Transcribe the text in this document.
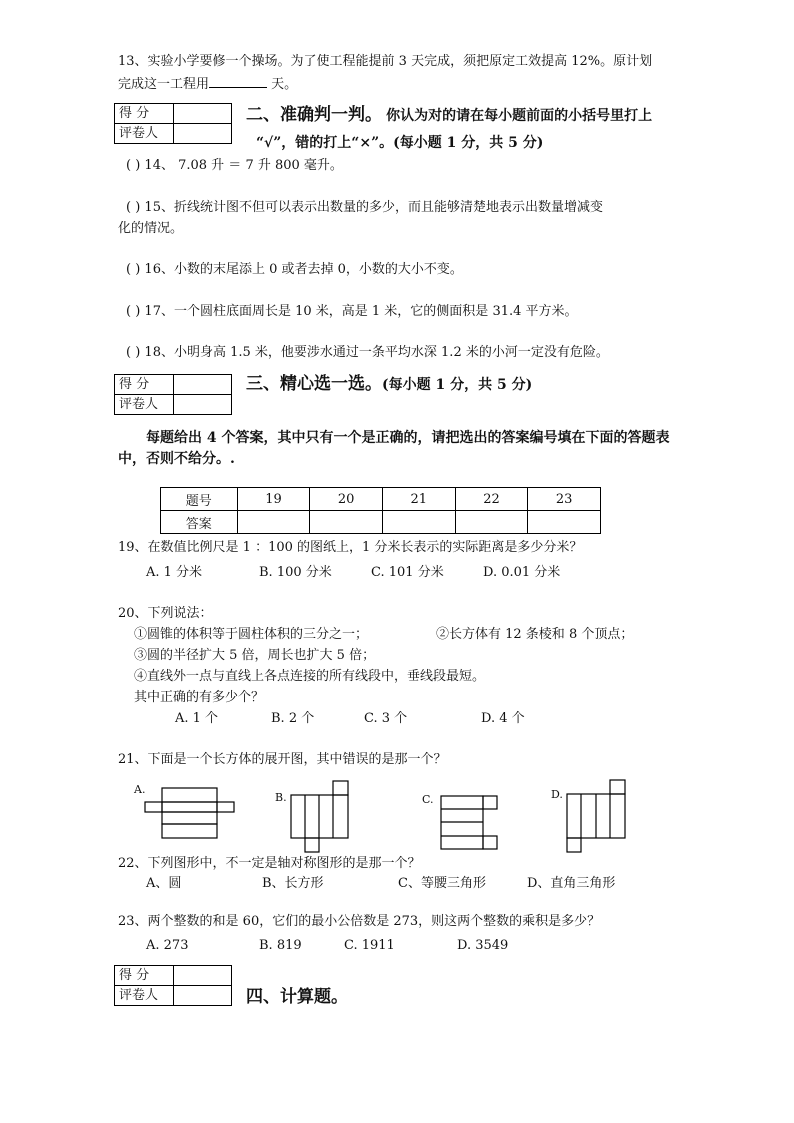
13、实验小学要修一个操场。为了使工程能提前 3 天完成，须把原定工效提高 12%。原计划
完成这一工程用	天。
得 分	
评卷人	
二、准确判一判。 你认为对的请在每小题前面的小括号里打上
“√”，错的打上“×”。(每小题 1 分，共 5 分)
( ) 14、 7.08 升 ＝ 7 升 800 毫升。
( ) 15、折线统计图不但可以表示出数量的多少，而且能够清楚地表示出数量增减变
化的情况。
( ) 16、小数的末尾添上 0 或者去掉 0，小数的大小不变。
( ) 17、一个圆柱底面周长是 10 米，高是 1 米，它的侧面积是 31.4 平方米。
( ) 18、小明身高 1.5 米，他要涉水通过一条平均水深 1.2 米的小河一定没有危险。
得 分	
评卷人	
三、精心选一选。(每小题 1 分，共 5 分)
每题给出 4 个答案，其中只有一个是正确的，请把选出的答案编号填在下面的答题表
中，否则不给分。.
题号	19	20	21	22	23
答案					
19、在数值比例尺是 1 ：100 的图纸上，1 分米长表示的实际距离是多少分米？
A. 1 分米	B. 100 分米	C. 101 分米	D. 0.01 分米
20、下列说法：
①圆锥的体积等于圆柱体积的三分之一；	②长方体有 12 条棱和 8 个顶点；
③圆的半径扩大 5 倍，周长也扩大 5 倍；
④直线外一点与直线上各点连接的所有线段中，垂线段最短。
其中正确的有多少个？
A. 1 个	B. 2 个	C. 3 个	D. 4 个
21、下面是一个长方体的展开图，其中错误的是那一个？
A.
B.	C.	D.
22、下列图形中，不一定是轴对称图形的是那一个？
A、圆	B、长方形	C、等腰三角形	D、直角三角形
23、两个整数的和是 60，它们的最小公倍数是 273，则这两个整数的乘积是多少？
A. 273	B. 819	C. 1911	D. 3549
得 分	
评卷人		四、计算题。
